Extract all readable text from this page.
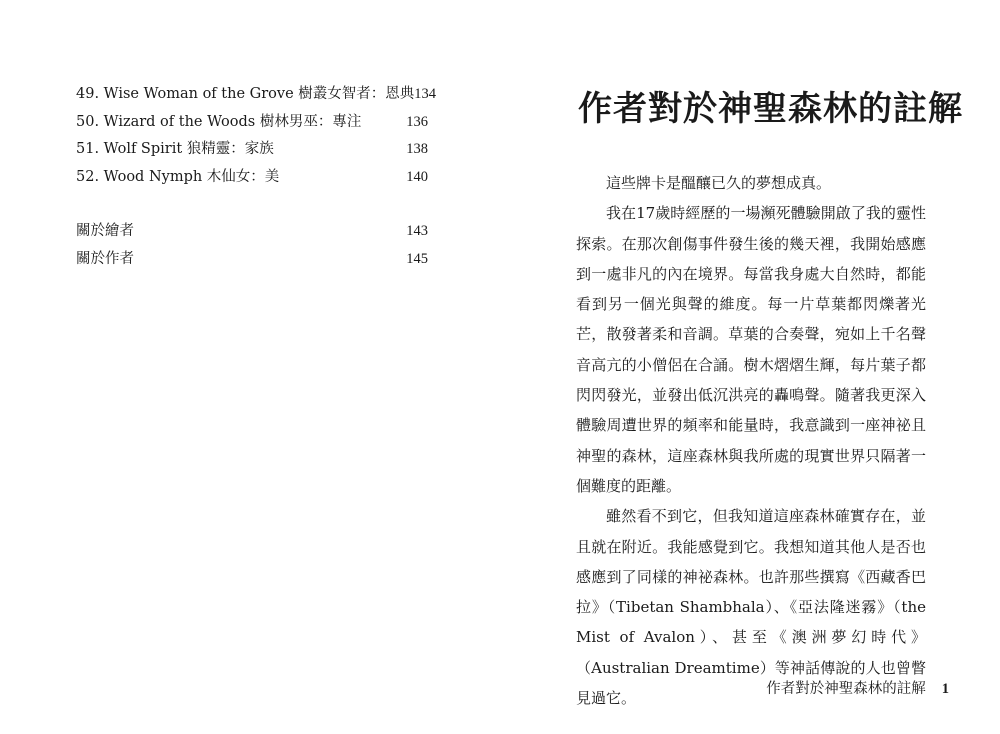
49. Wise Woman of the Grove 樹叢女智者：恩典 134
50. Wizard of the Woods 樹林男巫：專注	136
51. Wolf Spirit 狼精靈：家族	138
52. Wood Nymph 木仙女：美	140
關於繪者	143
關於作者	145
作者對於神聖森林的註解

這些牌卡是醞釀已久的夢想成真。

我在17歲時經歷的一場瀕死體驗開啟了我的靈性探索。在那次創傷事件發生後的幾天裡，我開始感應到一處非凡的內在境界。每當我身處大自然時，都能看到另一個光與聲的維度。每一片草葉都閃爍著光芒，散發著柔和音調。草葉的合奏聲，宛如上千名聲音高亢的小僧侶在合誦。樹木熠熠生輝，每片葉子都閃閃發光，並發出低沉洪亮的轟鳴聲。隨著我更深入體驗周遭世界的頻率和能量時，我意識到一座神祕且神聖的森林，這座森林與我所處的現實世界只隔著一個難度的距離。

雖然看不到它，但我知道這座森林確實存在，並且就在附近。我能感覺到它。我想知道其他人是否也感應到了同樣的神祕森林。也許那些撰寫《西藏香巴拉》（Tibetan Shambhala）、《亞法隆迷霧》（the Mist of Avalon）、甚至《澳洲夢幻時代》（Australian Dreamtime）等神話傳說的人也曾瞥見過它。

作者對於神聖森林的註解 1
